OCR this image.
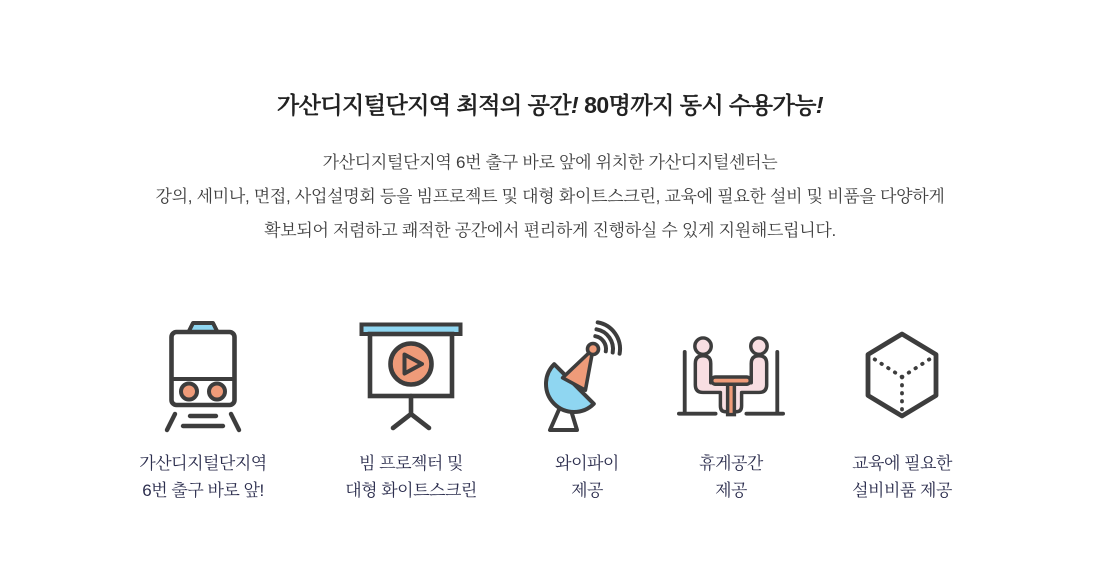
가산디지털단지역 최적의 공간! 80명까지 동시 수용가능!
가산디지털단지역 6번 출구 바로 앞에 위치한 가산디지털센터는
강의, 세미나, 면접, 사업설명회 등을 빔프로젝트 및 대형 화이트스크린, 교육에 필요한 설비 및 비품을 다양하게
확보되어 저렴하고 쾌적한 공간에서 편리하게 진행하실 수 있게 지원해드립니다.
가산디지털단지역
6번 출구 바로 앞!
빔 프로젝터 및
대형 화이트스크린
와이파이
제공
휴게공간
제공
교육에 필요한
설비비품 제공
